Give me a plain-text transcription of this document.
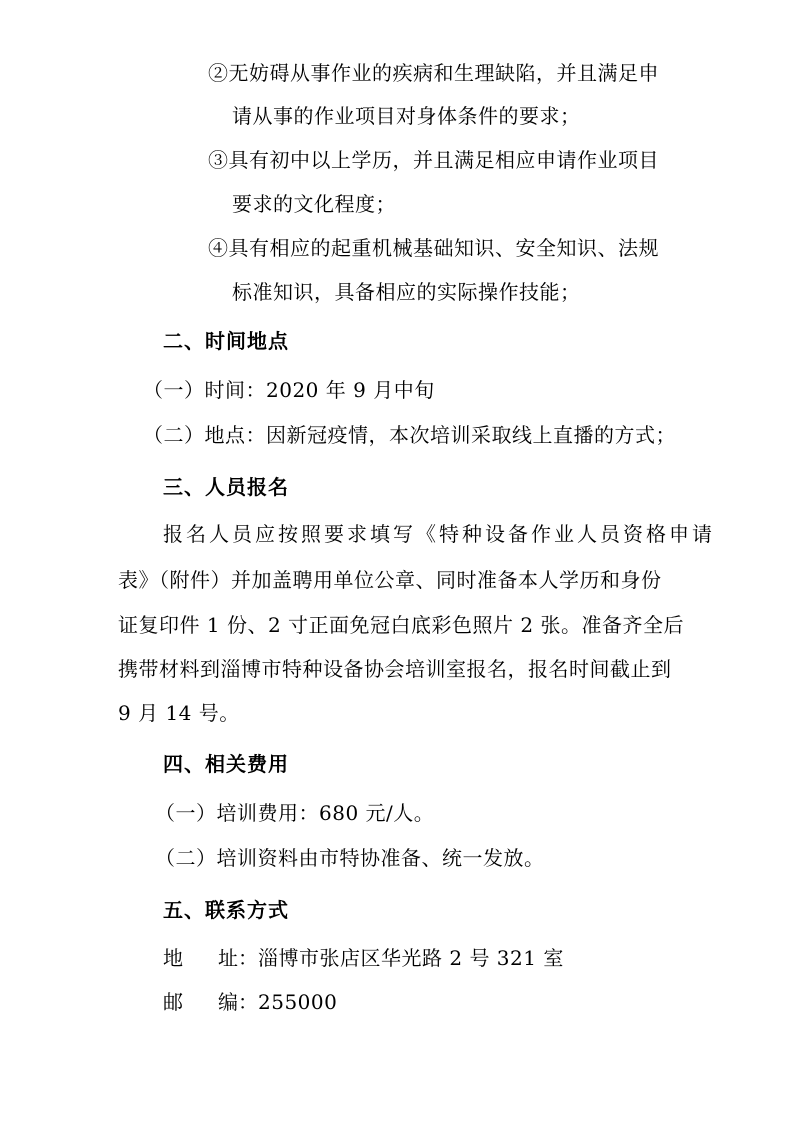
②无妨碍从事作业的疾病和生理缺陷，并且满足申
请从事的作业项目对身体条件的要求；
③具有初中以上学历，并且满足相应申请作业项目
要求的文化程度；
④具有相应的起重机械基础知识、安全知识、法规
标准知识，具备相应的实际操作技能；
二、时间地点
（一）时间：2020 年 9 月中旬
（二）地点：因新冠疫情，本次培训采取线上直播的方式；
三、人员报名
报名人员应按照要求填写《特种设备作业人员资格申请
表》（附件）并加盖聘用单位公章、同时准备本人学历和身份
证复印件 1 份、2 寸正面免冠白底彩色照片 2 张。准备齐全后
携带材料到淄博市特种设备协会培训室报名，报名时间截止到
9 月 14 号。
四、相关费用
（一）培训费用：680 元/人。
（二）培训资料由市特协准备、统一发放。
五、联系方式
地 址： 淄博市张店区华光路 2 号 321 室
邮 编： 255000
